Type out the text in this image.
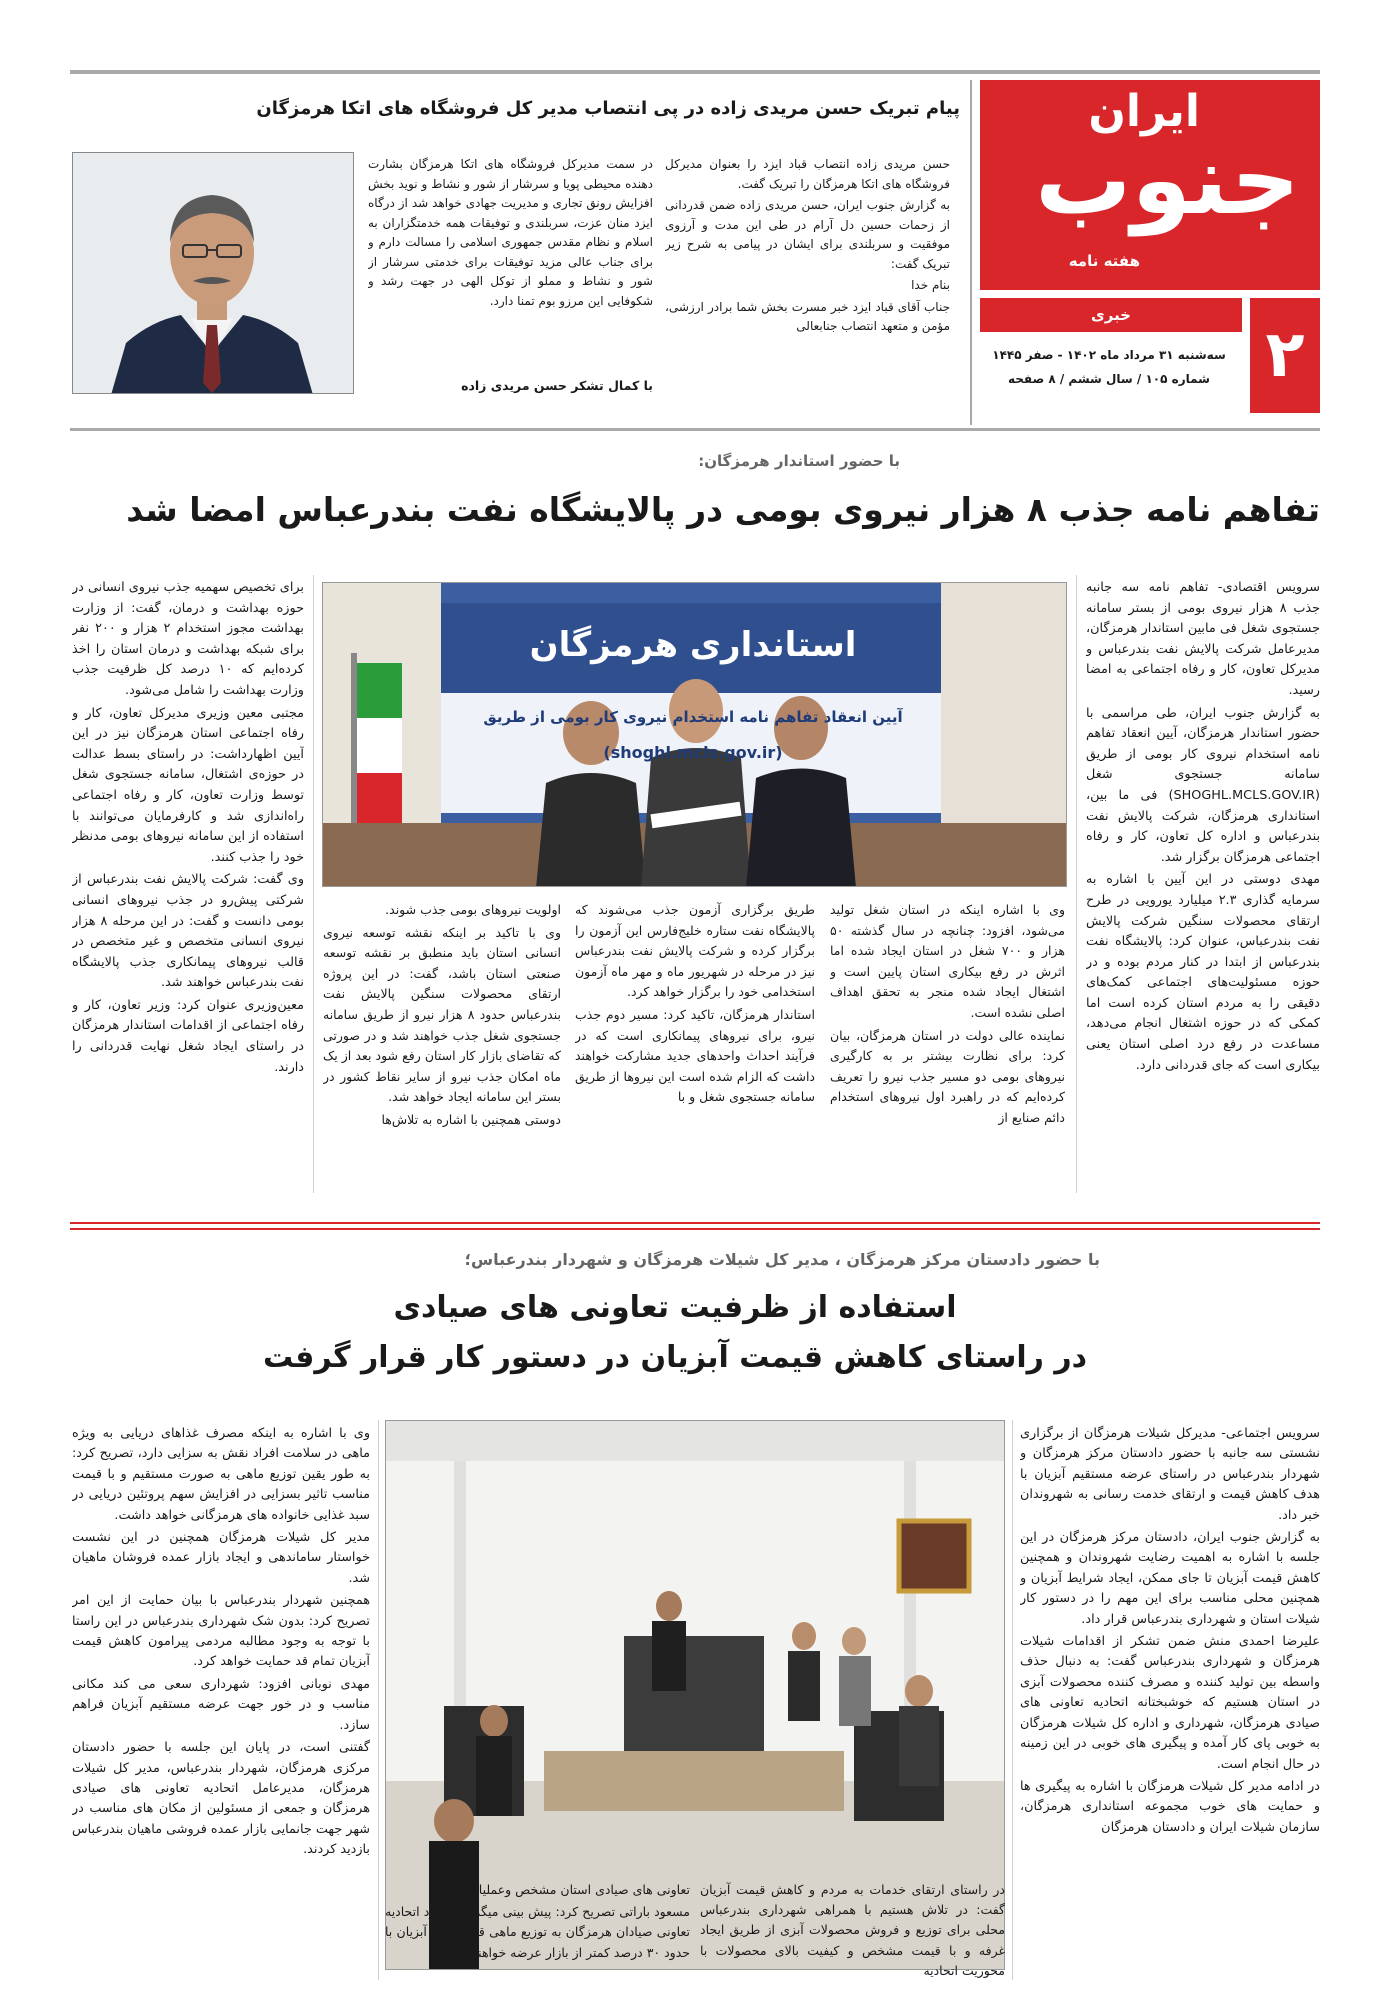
ایران
جنوب
هفته نامه
۲
خبری
سه‌شنبه ۳۱ مرداد ماه ۱۴۰۲ - صفر ۱۴۴۵
شماره ۱۰۵ / سال ششم / ۸ صفحه
پیام تبریک حسن مریدی زاده در پی انتصاب مدیر کل فروشگاه های اتکا هرمزگان

حسن مریدی زاده انتصاب قباد ایزد را بعنوان مدیرکل فروشگاه های اتکا هرمزگان را تبریک گفت.

به گزارش جنوب ایران، حسن مریدی زاده ضمن قدردانی از زحمات حسین دل آرام در طی این مدت و آرزوی موفقیت و سربلندی برای ایشان در پیامی به شرح زیر تبریک گفت:

بنام خدا

جناب آقای قباد ایزد خبر مسرت بخش شما برادر ارزشی، مؤمن و متعهد انتصاب جنابعالی

در سمت مدیرکل فروشگاه های اتکا هرمزگان بشارت دهنده محیطی پویا و سرشار از شور و نشاط و نوید بخش افزایش رونق تجاری و مدیریت جهادی خواهد شد از درگاه ایزد منان عزت، سربلندی و توفیقات همه خدمتگزاران به اسلام و نظام مقدس جمهوری اسلامی را مسالت دارم و برای جناب عالی مزید توفیقات برای خدمتی سرشار از شور و نشاط و مملو از توکل الهی در جهت رشد و شکوفایی این مرزو بوم تمنا دارد.

با کمال تشکر حسن مریدی زاده
با حضور استاندار هرمزگان:
تفاهم نامه جذب ۸ هزار نیروی بومی در پالایشگاه نفت بندرعباس امضا شد
استانداری هرمزگان
آیین انعقاد تفاهم نامه استخدام نیروی کار بومی از طریق
(shoghl.mcls.gov.ir)

سرویس اقتصادی- تفاهم نامه سه جانبه جذب ۸ هزار نیروی بومی از بستر سامانه جستجوی شغل فی مابین استاندار هرمزگان، مدیرعامل شرکت پالایش نفت بندرعباس و مدیرکل تعاون، کار و رفاه اجتماعی به امضا رسید.

به گزارش جنوب ایران، طی مراسمی با حضور استاندار هرمزگان، آیین انعقاد تفاهم نامه استخدام نیروی کار بومی از طریق سامانه جستجوی شغل (SHOGHL.MCLS.GOV.IR) فی ما بین، استانداری هرمزگان، شرکت پالایش نفت بندرعباس و اداره کل تعاون، کار و رفاه اجتماعی هرمزگان برگزار شد.

مهدی دوستی در این آیین با اشاره به سرمایه گذاری ۲.۳ میلیارد یورویی در طرح ارتقای محصولات سنگین شرکت پالایش نفت بندرعباس، عنوان کرد: پالایشگاه نفت بندرعباس از ابتدا در کنار مردم بوده و در حوزه مسئولیت‌های اجتماعی کمک‌های دقیقی را به مردم استان کرده است اما کمکی که در حوزه اشتغال انجام می‌دهد، مساعدت در رفع درد اصلی استان یعنی بیکاری است که جای قدردانی دارد.

وی با اشاره اینکه در استان شغل تولید می‌شود، افزود: چنانچه در سال گذشته ۵۰ هزار و ۷۰۰ شغل در استان ایجاد شده اما اثرش در رفع بیکاری استان پایین است و اشتغال ایجاد شده منجر به تحقق اهداف اصلی نشده است.

نماینده عالی دولت در استان هرمزگان، بیان کرد: برای نظارت بیشتر بر به کارگیری نیروهای بومی دو مسیر جذب نیرو را تعریف کرده‌ایم که در راهبرد اول نیروهای استخدام دائم صنایع از

طریق برگزاری آزمون جذب می‌شوند که پالایشگاه نفت ستاره خلیج‌فارس این آزمون را برگزار کرده و شرکت پالایش نفت بندرعباس نیز در مرحله در شهریور ماه و مهر ماه آزمون استخدامی خود را برگزار خواهد کرد.

استاندار هرمزگان، تاکید کرد: مسیر دوم جذب نیرو، برای نیروهای پیمانکاری است که در فرآیند احداث واحدهای جدید مشارکت خواهند داشت که الزام شده است این نیروها از طریق سامانه جستجوی شغل و با

اولویت نیروهای بومی جذب شوند.

وی با تاکید بر اینکه نقشه توسعه نیروی انسانی استان باید منطبق بر نقشه توسعه صنعتی استان باشد، گفت: در این پروژه ارتقای محصولات سنگین پالایش نفت بندرعباس حدود ۸ هزار نیرو از طریق سامانه جستجوی شغل جذب خواهند شد و در صورتی که تقاضای بازار کار استان رفع شود بعد از یک ماه امکان جذب نیرو از سایر نقاط کشور در بستر این سامانه ایجاد خواهد شد.

دوستی همچنین با اشاره به تلاش‌ها

برای تخصیص سهمیه جذب نیروی انسانی در حوزه بهداشت و درمان، گفت: از وزارت بهداشت مجوز استخدام ۲ هزار و ۲۰۰ نفر برای شبکه بهداشت و درمان استان را اخذ کرده‌ایم که ۱۰ درصد کل ظرفیت جذب وزارت بهداشت را شامل می‌شود.

مجتبی معین وزیری مدیرکل تعاون، کار و رفاه اجتماعی استان هرمزگان نیز در این آیین اظهارداشت: در راستای بسط عدالت در حوزه‌ی اشتغال، سامانه جستجوی شغل توسط وزارت تعاون، کار و رفاه اجتماعی راه‌اندازی شد و کارفرمایان می‌توانند با استفاده از این سامانه نیروهای بومی مدنظر خود را جذب کنند.

وی گفت: شرکت پالایش نفت بندرعباس از شرکتی پیش‌رو در جذب نیروهای انسانی بومی دانست و گفت: در این مرحله ۸ هزار نیروی انسانی متخصص و غیر متخصص در قالب نیروهای پیمانکاری جذب پالایشگاه نفت بندرعباس خواهند شد.

معین‌وزیری عنوان کرد: وزیر تعاون، کار و رفاه اجتماعی از اقدامات استاندار هرمزگان در راستای ایجاد شغل نهایت قدردانی را دارند.

با حضور دادستان مرکز هرمزگان ، مدیر کل شیلات هرمزگان و شهردار بندرعباس؛
استفاده از ظرفیت تعاونی های صیادی
در راستای کاهش قیمت آبزیان در دستور کار قرار گرفت

سرویس اجتماعی- مدیرکل شیلات هرمزگان از برگزاری نشستی سه جانبه با حضور دادستان مرکز هرمزگان و شهردار بندرعباس در راستای عرضه مستقیم آبزیان با هدف کاهش قیمت و ارتقای خدمت رسانی به شهروندان خبر داد.

به گزارش جنوب ایران، دادستان مرکز هرمزگان در این جلسه با اشاره به اهمیت رضایت شهروندان و همچنین کاهش قیمت آبزیان تا جای ممکن، ایجاد شرایط آبزیان و همچنین محلی مناسب برای این مهم را در دستور کار شیلات استان و شهرداری بندرعباس قرار داد.

علیرضا احمدی منش ضمن تشکر از اقدامات شیلات هرمزگان و شهرداری بندرعباس گفت: به دنبال حذف واسطه بین تولید کننده و مصرف کننده محصولات آبزی در استان هستیم که خوشبختانه اتحادیه تعاونی های صیادی هرمزگان، شهرداری و اداره کل شیلات هرمزگان به خوبی پای کار آمده و پیگیری های خوبی در این زمینه در حال انجام است.

در ادامه مدیر کل شیلات هرمزگان با اشاره به پیگیری ها و حمایت های خوب مجموعه استانداری هرمزگان، سازمان شیلات ایران و دادستان هرمزگان

در راستای ارتقای خدمات به مردم و کاهش قیمت آبزیان گفت: در تلاش هستیم با همراهی شهرداری بندرعباس محلی برای توزیع و فروش محصولات آبزی از طریق ایجاد غرفه و با قیمت مشخص و کیفیت بالای محصولات با محوریت اتحادیه

تعاونی های صیادی استان مشخص وعملیاتی کنیم.

مسعود باراتی تصریح کرد: پیش بینی میگردد با ورود اتحادیه تعاونی صیادان هرمزگان به توزیع ماهی قیمت های آبزیان با حدود ۳۰ درصد کمتر از بازار عرضه خواهند شد.

وی با اشاره به اینکه مصرف غذاهای دریایی به ویژه ماهی در سلامت افراد نقش به سزایی دارد، تصریح کرد: به طور یقین توزیع ماهی به صورت مستقیم و با قیمت مناسب تاثیر بسزایی در افزایش سهم پروتئین دریایی در سبد غذایی خانواده های هرمزگانی خواهد داشت.

مدیر کل شیلات هرمزگان همچنین در این نشست خواستار ساماندهی و ایجاد بازار عمده فروشان ماهیان شد.

همچنین شهردار بندرعباس با بیان حمایت از این امر تصریح کرد: بدون شک شهرداری بندرعباس در این راستا با توجه به وجود مطالبه مردمی پیرامون کاهش قیمت آبزیان تمام قد حمایت خواهد کرد.

مهدی نوبانی افزود: شهرداری سعی می کند مکانی مناسب و در خور جهت عرضه مستقیم آبزیان فراهم سازد.

گفتنی است، در پایان این جلسه با حضور دادستان مرکزی هرمزگان، شهردار بندرعباس، مدیر کل شیلات هرمزگان، مدیرعامل اتحادیه تعاونی های صیادی هرمزگان و جمعی از مسئولین از مکان های مناسب در شهر جهت جانمایی بازار عمده فروشی ماهیان بندرعباس بازدید کردند.
